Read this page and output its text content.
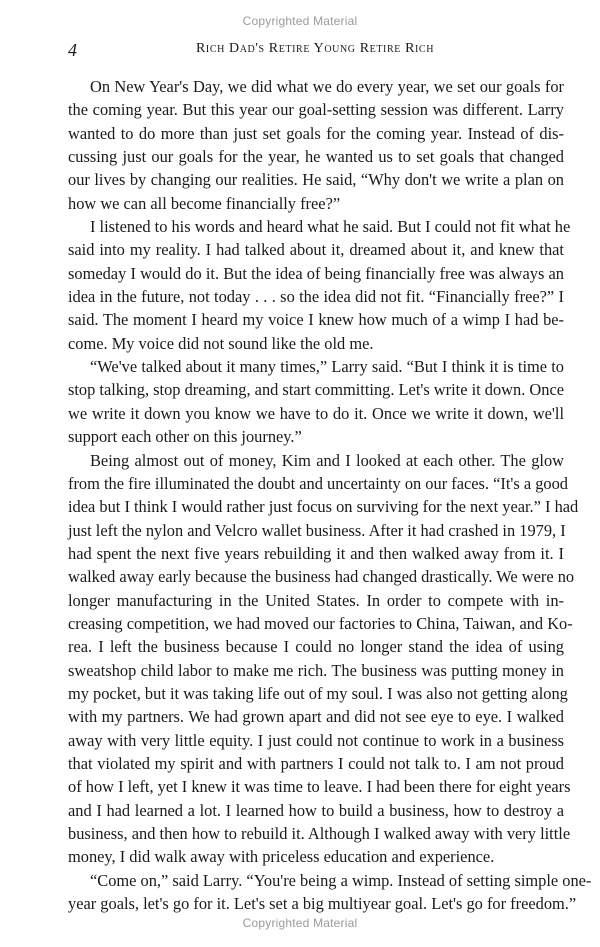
Copyrighted Material
4	Rich Dad's Retire Young Retire Rich
On New Year's Day, we did what we do every year, we set our goals for
the coming year. But this year our goal-setting session was different. Larry
wanted to do more than just set goals for the coming year. Instead of dis-
cussing just our goals for the year, he wanted us to set goals that changed
our lives by changing our realities. He said, “Why don't we write a plan on
how we can all become financially free?”
I listened to his words and heard what he said. But I could not fit what he
said into my reality. I had talked about it, dreamed about it, and knew that
someday I would do it. But the idea of being financially free was always an
idea in the future, not today . . . so the idea did not fit. “Financially free?” I
said. The moment I heard my voice I knew how much of a wimp I had be-
come. My voice did not sound like the old me.
“We've talked about it many times,” Larry said. “But I think it is time to
stop talking, stop dreaming, and start committing. Let's write it down. Once
we write it down you know we have to do it. Once we write it down, we'll
support each other on this journey.”
Being almost out of money, Kim and I looked at each other. The glow
from the fire illuminated the doubt and uncertainty on our faces. “It's a good
idea but I think I would rather just focus on surviving for the next year.” I had
just left the nylon and Velcro wallet business. After it had crashed in 1979, I
had spent the next five years rebuilding it and then walked away from it. I
walked away early because the business had changed drastically. We were no
longer manufacturing in the United States. In order to compete with in-
creasing competition, we had moved our factories to China, Taiwan, and Ko-
rea. I left the business because I could no longer stand the idea of using
sweatshop child labor to make me rich. The business was putting money in
my pocket, but it was taking life out of my soul. I was also not getting along
with my partners. We had grown apart and did not see eye to eye. I walked
away with very little equity. I just could not continue to work in a business
that violated my spirit and with partners I could not talk to. I am not proud
of how I left, yet I knew it was time to leave. I had been there for eight years
and I had learned a lot. I learned how to build a business, how to destroy a
business, and then how to rebuild it. Although I walked away with very little
money, I did walk away with priceless education and experience.
“Come on,” said Larry. “You're being a wimp. Instead of setting simple one-
year goals, let's go for it. Let's set a big multiyear goal. Let's go for freedom.”
Copyrighted Material
